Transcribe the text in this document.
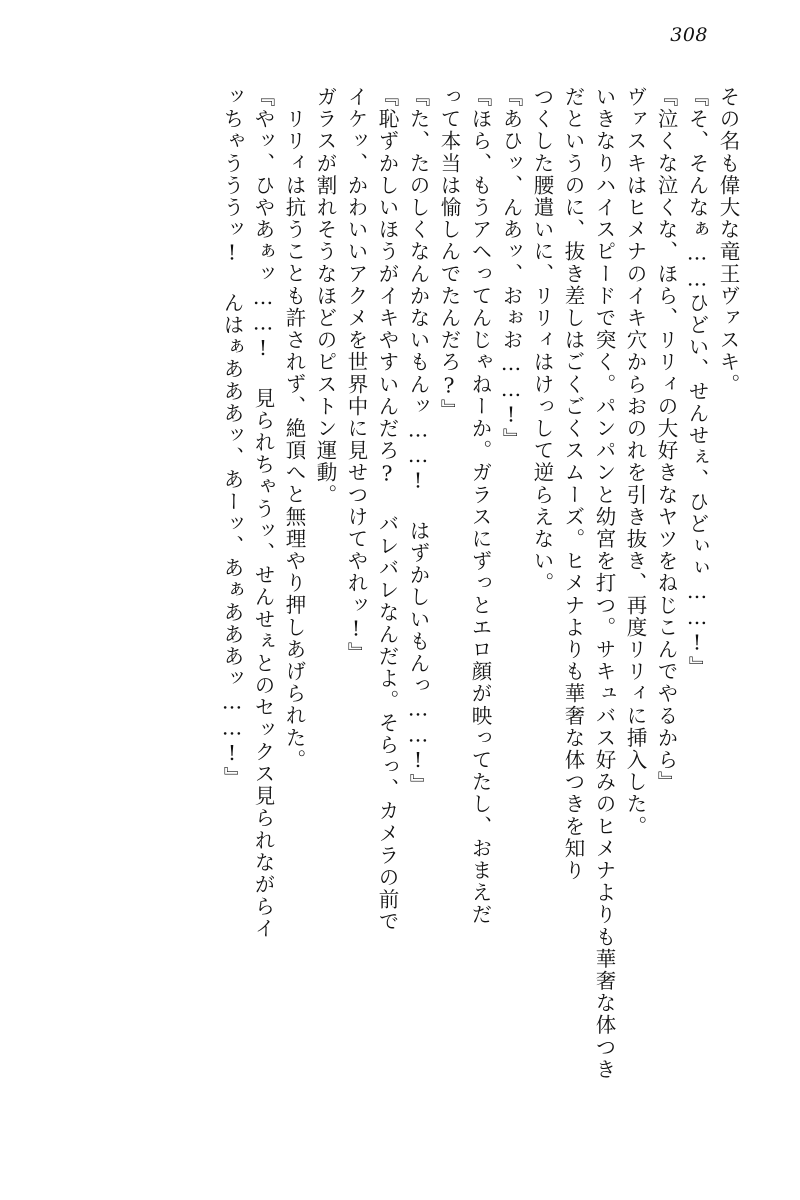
308
その名も偉大な竜王ヴァスキ。
『そ、そんなぁ……ひどい、せんせぇ、ひどぃぃ……!』
『泣くな泣くな、ほら、リリィの大好きなヤツをねじこんでやるから』
ヴァスキはヒメナのイキ穴からおのれを引き抜き、再度リリィに挿入した。
いきなりハイスピードで突く。パンパンと幼宮を打つ。サキュバス好みのヒメナよりも華奢な体つき
だというのに、抜き差しはごくごくスムーズ。ヒメナよりも華奢な体つきを知り
つくした腰遣いに、リリィはけっして逆らえない。
『あひッ、んあッ、おぉお……!』
『ほら、もうアヘってんじゃねーか。ガラスにずっとエロ顔が映ってたし、おまえだ
って本当は愉しんでたんだろ?』
『た、たのしくなんかないもんッ……! はずかしいもんっ……!』
『恥ずかしいほうがイキやすいんだろ? バレバレなんだよ。そらっ、カメラの前で
イケッ、かわいいアクメを世界中に見せつけてやれッ!』
ガラスが割れそうなほどのピストン運動。
リリィは抗うことも許されず、絶頂へと無理やり押しあげられた。
『やッ、ひやあぁッ……! 見られちゃうッ、せんせぇとのセックス見られながらイ
ッちゃうううッ! んはぁあああッ、あーッ、あぁあああッ……!』
